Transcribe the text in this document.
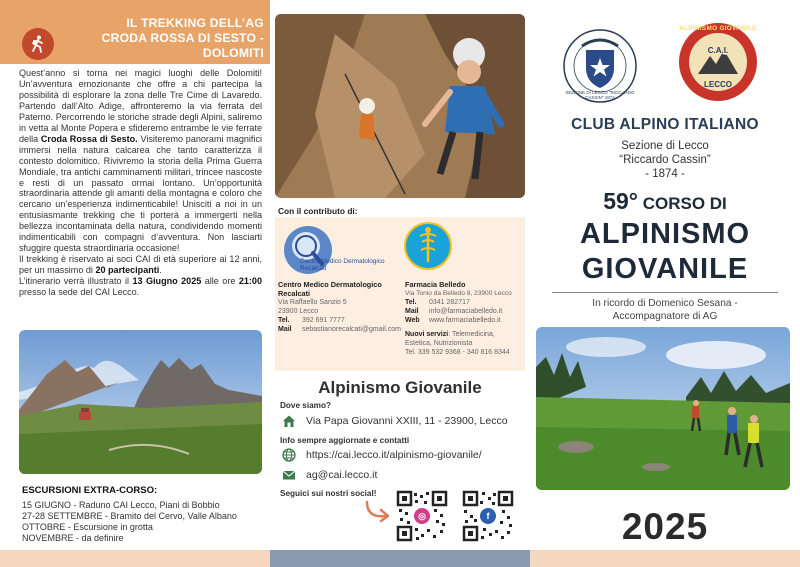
IL TREKKING DELL’AG
CRODA ROSSA DI SESTO -
DOLOMITI

Quest’anno si torna nei magici luoghi delle Dolomiti! Un’avventura emozionante che offre a chi partecipa la possibilità di esplorare la zona delle Tre Cime di Lavaredo. Partendo dall’Alto Adige, affronteremo la via ferrata del Paterno. Percorrendo le storiche strade degli Alpini, saliremo in vetta al Monte Popera e sfideremo entrambe le vie ferrate della Croda Rossa di Sesto. Visiteremo panorami magnifici immersi nella natura calcarea che tanto caratterizza il contesto dolomitico. Rivivremo la storia della Prima Guerra Mondiale, tra antichi camminamenti militari, trincee nascoste e resti di un passato ormai lontano. Un’opportunità straordinaria attende gli amanti della montagna e coloro che cercano un’esperienza indimenticabile! Unisciti a noi in un entusiasmante trekking che ti porterà a immergerti nella bellezza incontaminata della natura, condividendo momenti indimenticabili con compagni d’avventura. Non lasciarti sfuggire questa straordinaria occasione!

Il trekking è riservato ai soci CAI di età superiore ai 12 anni, per un massimo di 20 partecipanti.

L’itinerario verrà illustrato il 13 Giugno 2025 alle ore 21:00 presso la sede del CAI Lecco.

ESCURSIONI EXTRA-CORSO:
15 GIUGNO - Raduno CAI Lecco, Piani di Bobbio
27-28 SETTEMBRE - Bramito del Cervo, Valle Albano
OTTOBRE - Escursione in grotta
NOVEMBRE - da definire
Con il contributo di:
Centro Medico Dermatologico
Recalcati
Centro Medico Dermatologico
Recalcati
Via Raffaello Sanzio 5
23900 Lecco
Tel. 392 691 7777
Mail sebastianorecalcati@gmail.com
Farmacia Belledo
Via Tonio da Belledo 8, 23900 Lecco
Tel. 0341 282717
Mail info@farmaciabelledo.it
Web www.farmaciabelledo.it
Nuovi servizi: Telemedicina,
Estetica, Nutrizionista
Tel. 339 532 9368 - 340 816 8344
Alpinismo Giovanile
Dove siamo?
Via Papa Giovanni XXIII, 11 - 23900, Lecco
Info sempre aggiornate e contatti
https://cai.lecco.it/alpinismo-giovanile/
ag@cai.lecco.it
Seguici sui nostri social!
◎	f
SEZIONE DI LECCO "RICCARDO CASSIN" 1874
ALPINISMO GIOVANILE
C.A.I.
LECCO
CLUB ALPINO ITALIANO
Sezione di Lecco
“Riccardo Cassin”
- 1874 -
59° CORSO DI
ALPINISMO
GIOVANILE
In ricordo di Domenico Sesana -
Accompagnatore di AG
2025
